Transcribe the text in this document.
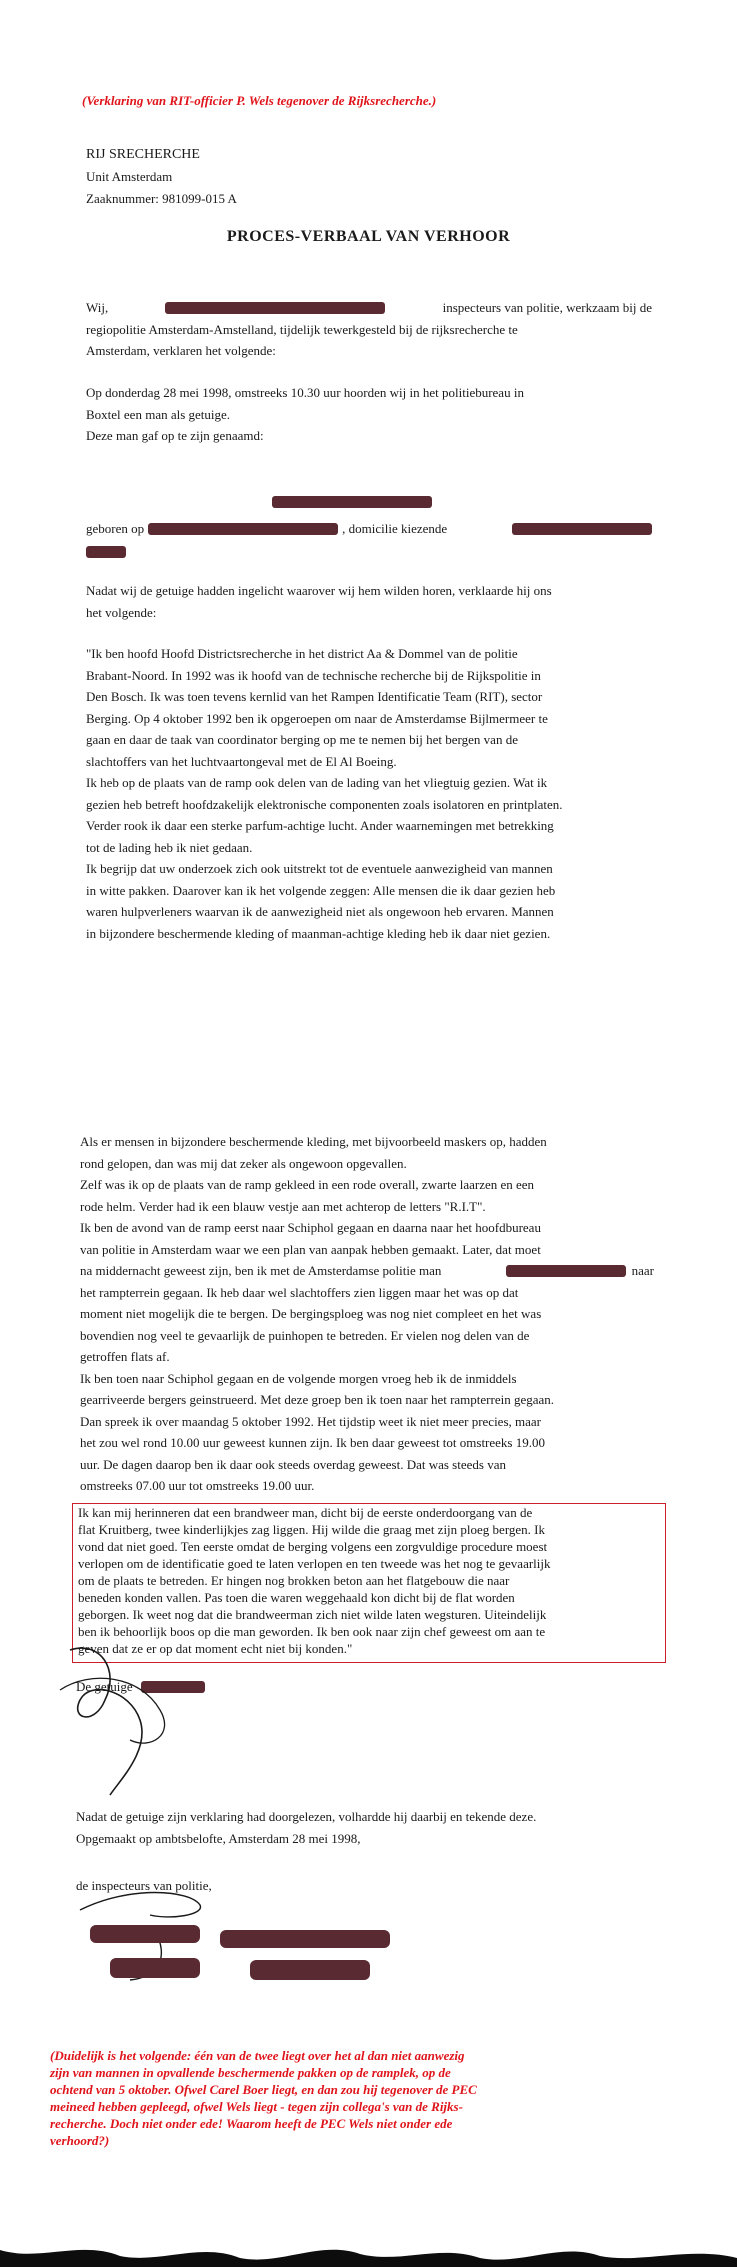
(Verklaring van RIT-officier P. Wels tegenover de Rijksrecherche.)
RIJ SRECHERCHE
Unit Amsterdam
Zaaknummer: 981099-015 A
PROCES-VERBAAL VAN VERHOOR
Wij,	inspecteurs van politie, werkzaam bij de
regiopolitie Amsterdam-Amstelland, tijdelijk tewerkgesteld bij de rijksrecherche te
Amsterdam, verklaren het volgende:
Op donderdag 28 mei 1998, omstreeks 10.30 uur hoorden wij in het politiebureau in
Boxtel een man als getuige.
Deze man gaf op te zijn genaamd:
geboren op	, domicilie kiezende
Nadat wij de getuige hadden ingelicht waarover wij hem wilden horen, verklaarde hij ons
het volgende:
"Ik ben hoofd Hoofd Districtsrecherche in het district Aa & Dommel van de politie
Brabant-Noord. In 1992 was ik hoofd van de technische recherche bij de Rijkspolitie in
Den Bosch. Ik was toen tevens kernlid van het Rampen Identificatie Team (RIT), sector
Berging. Op 4 oktober 1992 ben ik opgeroepen om naar de Amsterdamse Bijlmermeer te
gaan en daar de taak van coordinator berging op me te nemen bij het bergen van de
slachtoffers van het luchtvaartongeval met de El Al Boeing.
Ik heb op de plaats van de ramp ook delen van de lading van het vliegtuig gezien. Wat ik
gezien heb betreft hoofdzakelijk elektronische componenten zoals isolatoren en printplaten.
Verder rook ik daar een sterke parfum-achtige lucht. Ander waarnemingen met betrekking
tot de lading heb ik niet gedaan.
Ik begrijp dat uw onderzoek zich ook uitstrekt tot de eventuele aanwezigheid van mannen
in witte pakken. Daarover kan ik het volgende zeggen: Alle mensen die ik daar gezien heb
waren hulpverleners waarvan ik de aanwezigheid niet als ongewoon heb ervaren. Mannen
in bijzondere beschermende kleding of maanman-achtige kleding heb ik daar niet gezien.
Als er mensen in bijzondere beschermende kleding, met bijvoorbeeld maskers op, hadden
rond gelopen, dan was mij dat zeker als ongewoon opgevallen.
Zelf was ik op de plaats van de ramp gekleed in een rode overall, zwarte laarzen en een
rode helm. Verder had ik een blauw vestje aan met achterop de letters "R.I.T".
Ik ben de avond van de ramp eerst naar Schiphol gegaan en daarna naar het hoofdbureau
van politie in Amsterdam waar we een plan van aanpak hebben gemaakt. Later, dat moet
na middernacht geweest zijn, ben ik met de Amsterdamse politie man	naar
het rampterrein gegaan. Ik heb daar wel slachtoffers zien liggen maar het was op dat
moment niet mogelijk die te bergen. De bergingsploeg was nog niet compleet en het was
bovendien nog veel te gevaarlijk de puinhopen te betreden. Er vielen nog delen van de
getroffen flats af.
Ik ben toen naar Schiphol gegaan en de volgende morgen vroeg heb ik de inmiddels
gearriveerde bergers geinstrueerd. Met deze groep ben ik toen naar het rampterrein gegaan.
Dan spreek ik over maandag 5 oktober 1992. Het tijdstip weet ik niet meer precies, maar
het zou wel rond 10.00 uur geweest kunnen zijn. Ik ben daar geweest tot omstreeks 19.00
uur. De dagen daarop ben ik daar ook steeds overdag geweest. Dat was steeds van
omstreeks 07.00 uur tot omstreeks 19.00 uur.
Ik kan mij herinneren dat een brandweer man, dicht bij de eerste onderdoorgang van de
flat Kruitberg, twee kinderlijkjes zag liggen. Hij wilde die graag met zijn ploeg bergen. Ik
vond dat niet goed. Ten eerste omdat de berging volgens een zorgvuldige procedure moest
verlopen om de identificatie goed te laten verlopen en ten tweede was het nog te gevaarlijk
om de plaats te betreden. Er hingen nog brokken beton aan het flatgebouw die naar
beneden konden vallen. Pas toen die waren weggehaald kon dicht bij de flat worden
geborgen. Ik weet nog dat die brandweerman zich niet wilde laten wegsturen. Uiteindelijk
ben ik behoorlijk boos op die man geworden. Ik ben ook naar zijn chef geweest om aan te
geven dat ze er op dat moment echt niet bij konden."
De getuige
Nadat de getuige zijn verklaring had doorgelezen, volhardde hij daarbij en tekende deze.
Opgemaakt op ambtsbelofte, Amsterdam 28 mei 1998,
de inspecteurs van politie,
(Duidelijk is het volgende: één van de twee liegt over het al dan niet aanwezig
zijn van mannen in opvallende beschermende pakken op de ramplek, op de
ochtend van 5 oktober. Ofwel Carel Boer liegt, en dan zou hij tegenover de PEC
meineed hebben gepleegd, ofwel Wels liegt - tegen zijn collega's van de Rijks-
recherche. Doch niet onder ede! Waarom heeft de PEC Wels niet onder ede
verhoord?)
